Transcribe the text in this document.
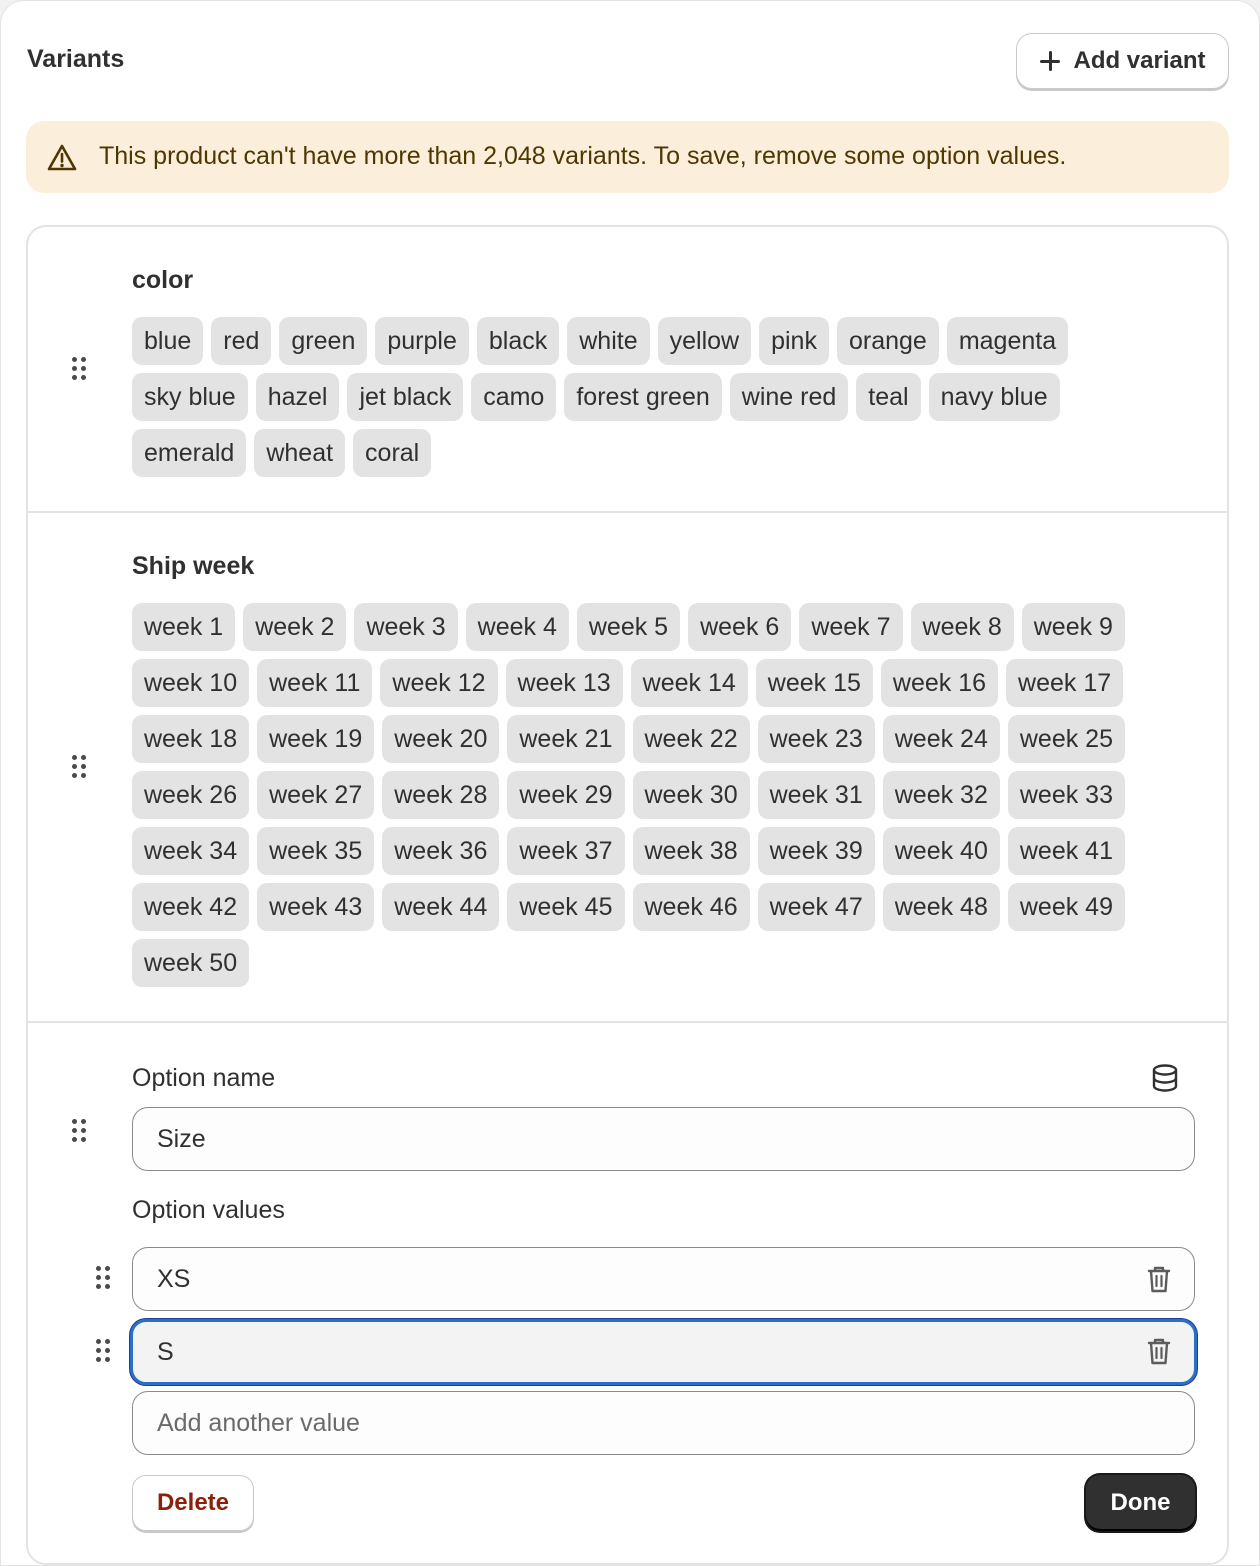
Variants	Add variant
This product can't have more than 2,048 variants. To save, remove some option values.
color
blue	red	green	purple	black	white	yellow	pink	orange	magenta
sky blue	hazel	jet black	camo	forest green	wine red	teal	navy blue
emerald	wheat	coral
Ship week
week 1	week 2	week 3	week 4	week 5	week 6	week 7	week 8	week 9
week 10	week 11	week 12	week 13	week 14	week 15	week 16	week 17
week 18	week 19	week 20	week 21	week 22	week 23	week 24	week 25
week 26	week 27	week 28	week 29	week 30	week 31	week 32	week 33
week 34	week 35	week 36	week 37	week 38	week 39	week 40	week 41
week 42	week 43	week 44	week 45	week 46	week 47	week 48	week 49
week 50
Option name
Size
Option values
XS
S
Add another value
Delete	Done
